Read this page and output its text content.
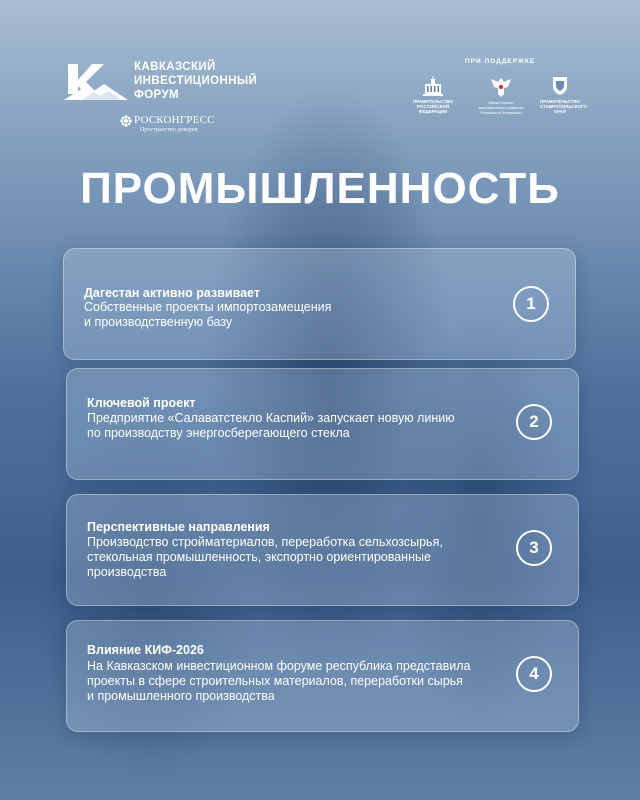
КАВКАЗСКИЙ
ИНВЕСТИЦИОННЫЙ
ФОРУМ
РОСКОНГРЕСС
Пространство доверия
ПРИ ПОДДЕРЖКЕ
ПРАВИТЕЛЬСТВО
РОССИЙСКОЙ
ФЕДЕРАЦИИ
Министерство
экономического развития
Российской Федерации
ПРАВИТЕЛЬСТВО
СТАВРОПОЛЬСКОГО КРАЯ
ПРОМЫШЛЕННОСТЬ
Дагестан активно развивает
Собственные проекты импортозамещения
и производственную базу
1
Ключевой проект
Предприятие «Салаватстекло Каспий» запускает новую линию
по производству энергосберегающего стекла
2
Перспективные направления
Производство стройматериалов, переработка сельхозсырья,
стекольная промышленность, экспортно ориентированные
производства
3
Влияние КИФ-2026
На Кавказском инвестиционном форуме республика представила
проекты в сфере строительных материалов, переработки сырья
и промышленного производства
4
